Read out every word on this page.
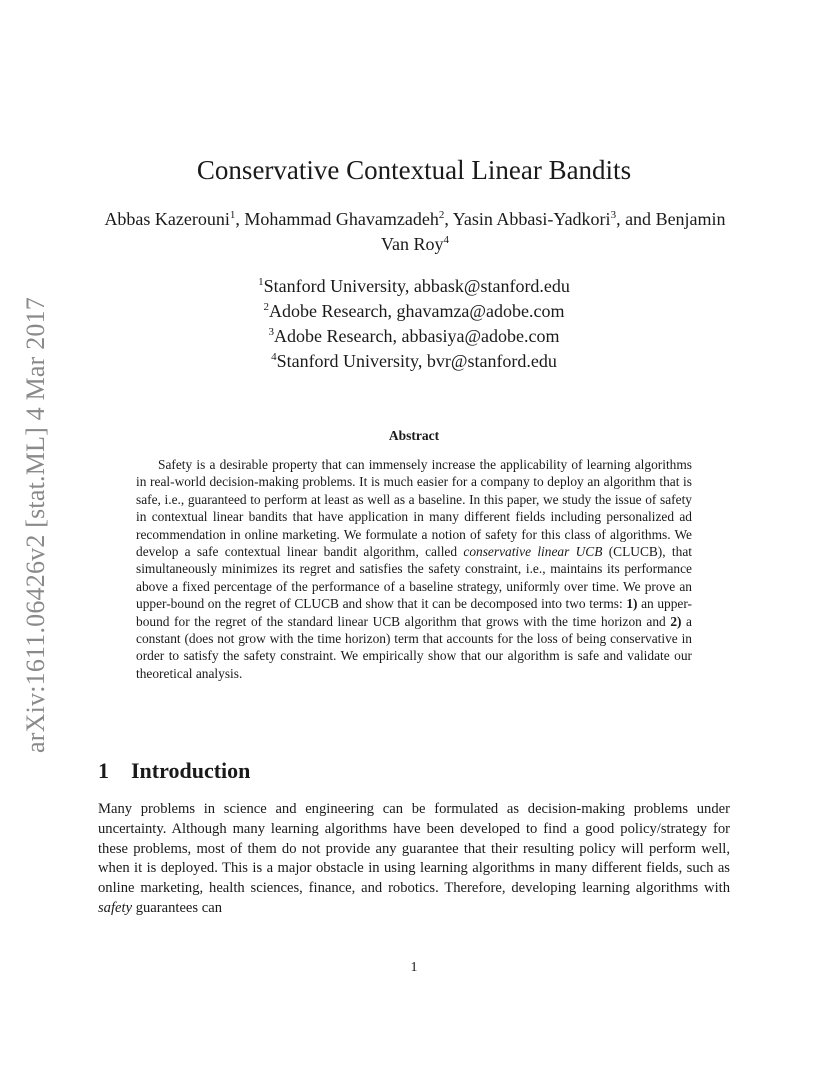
arXiv:1611.06426v2 [stat.ML] 4 Mar 2017
Conservative Contextual Linear Bandits
Abbas Kazerouni$^1$, Mohammad Ghavamzadeh$^2$, Yasin Abbasi-Yadkori$^3$, and Benjamin Van Roy$^4$
$^1$Stanford University, abbask@stanford.edu
$^2$Adobe Research, ghavamza@adobe.com
$^3$Adobe Research, abbasiya@adobe.com
$^4$Stanford University, bvr@stanford.edu
Abstract
Safety is a desirable property that can immensely increase the applicability of learning algorithms in real-world decision-making problems. It is much easier for a company to deploy an algorithm that is safe, i.e., guaranteed to perform at least as well as a baseline. In this paper, we study the issue of safety in contextual linear bandits that have application in many different fields including personalized ad recommendation in online marketing. We formulate a notion of safety for this class of algorithms. We develop a safe contextual linear bandit algorithm, called conservative linear UCB (CLUCB), that simultaneously minimizes its regret and satisfies the safety constraint, i.e., maintains its performance above a fixed percentage of the performance of a baseline strategy, uniformly over time. We prove an upper-bound on the regret of CLUCB and show that it can be decomposed into two terms: 1) an upper-bound for the regret of the standard linear UCB algorithm that grows with the time horizon and 2) a constant (does not grow with the time horizon) term that accounts for the loss of being conservative in order to satisfy the safety constraint. We empirically show that our algorithm is safe and validate our theoretical analysis.
1 Introduction
Many problems in science and engineering can be formulated as decision-making problems under uncertainty. Although many learning algorithms have been developed to find a good policy/strategy for these problems, most of them do not provide any guarantee that their resulting policy will perform well, when it is deployed. This is a major obstacle in using learning algorithms in many different fields, such as online marketing, health sciences, finance, and robotics. Therefore, developing learning algorithms with safety guarantees can
1
